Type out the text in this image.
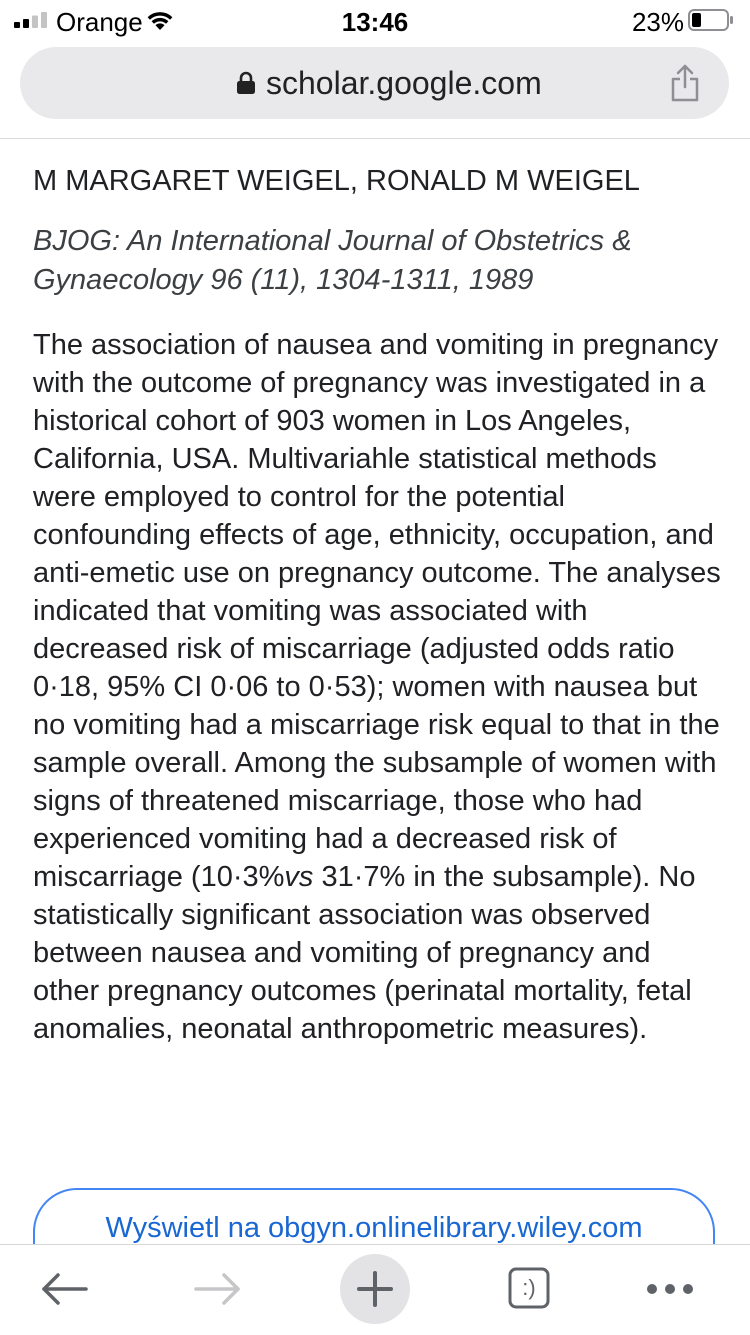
Orange	13:46	23%
scholar.google.com

M MARGARET WEIGEL, RONALD M WEIGEL

BJOG: An International Journal of Obstetrics & Gynaecology 96 (11), 1304-1311, 1989

The association of nausea and vomiting in pregnancy with the outcome of pregnancy was investigated in a historical cohort of 903 women in Los Angeles, California, USA. Multivariahle statistical methods were employed to control for the potential confounding effects of age, ethnicity, occupation, and anti-emetic use on pregnancy outcome. The analyses indicated that vomiting was associated with decreased risk of miscarriage (adjusted odds ratio 0·18, 95% CI 0·06 to 0·53); women with nausea but no vomiting had a miscarriage risk equal to that in the sample overall. Among the subsample of women with signs of threatened miscarriage, those who had experienced vomiting had a decreased risk of miscarriage (10·3%vs 31·7% in the subsample). No statistically significant association was observed between nausea and vomiting of pregnancy and other pregnancy outcomes (perinatal mortality, fetal anomalies, neonatal anthropometric measures).

Wyświetl na obgyn.onlinelibrary.wiley.com
:)
